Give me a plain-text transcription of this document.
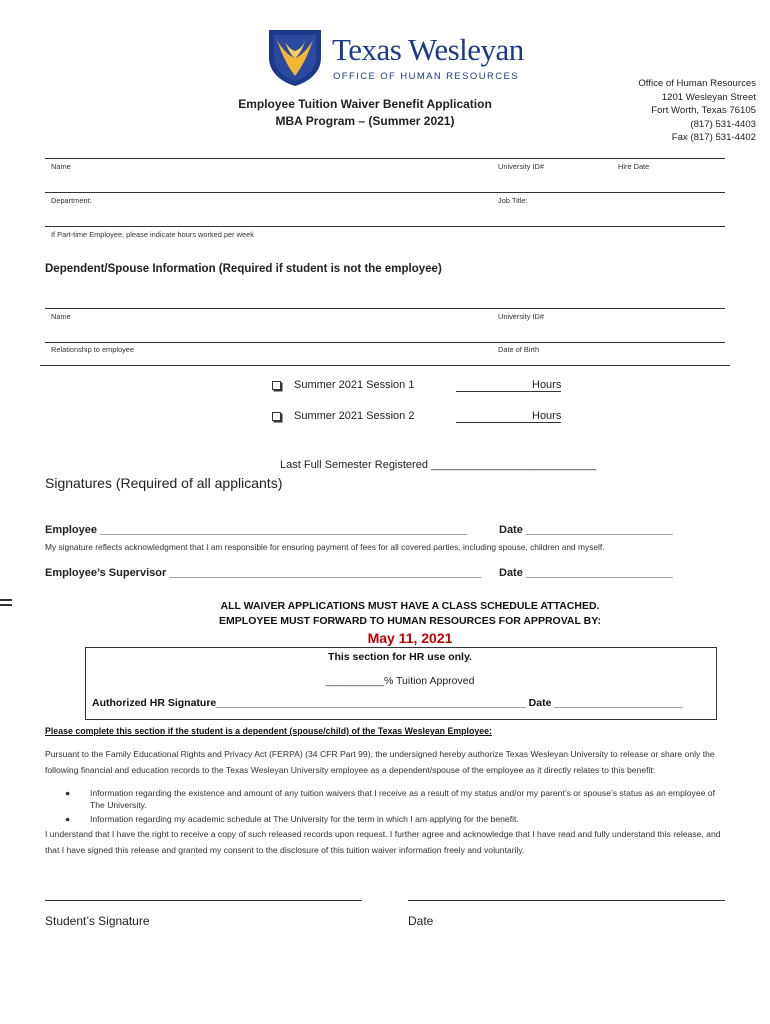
Texas Wesleyan
OFFICE OF HUMAN RESOURCES
Office of Human Resources
1201 Wesleyan Street
Fort Worth, Texas 76105
(817) 531-4403
Fax (817) 531-4402
Employee Tuition Waiver Benefit Application
MBA Program – (Summer 2021)
Name	University ID#	Hire Date
Department:	Job Title:
If Part-time Employee, please indicate hours worked per week
Dependent/Spouse Information (Required if student is not the employee)
Name	University ID#
Relationship to employee	Date of Birth
Summer 2021 Session 1	Hours
Summer 2021 Session 2	Hours
Last Full Semester Registered ___________________________
Signatures (Required of all applicants)
Employee ____________________________________________________________	Date ________________________
My signature reflects acknowledgment that I am responsible for ensuring payment of fees for all covered parties, including spouse, children and myself.
Employee’s Supervisor ___________________________________________________ Date ________________________
ALL WAIVER APPLICATIONS MUST HAVE A CLASS SCHEDULE ATTACHED.
EMPLOYEE MUST FORWARD TO HUMAN RESOURCES FOR APPROVAL BY:
May 11, 2021
This section for HR use only.
__________% Tuition Approved
Authorized HR Signature_____________________________________________________ Date ______________________
Please complete this section if the student is a dependent (spouse/child) of the Texas Wesleyan Employee:
Pursuant to the Family Educational Rights and Privacy Act (FERPA) (34 CFR Part 99), the undersigned hereby authorize Texas Wesleyan University to release or share only the following financial and education records to the Texas Wesleyan University employee as a dependent/spouse of the employee as it directly relates to this benefit:
● Information regarding the existence and amount of any tuition waivers that I receive as a result of my status and/or my parent’s or spouse’s status as an employee of The University.
● Information regarding my academic schedule at The University for the term in which I am applying for the benefit.
I understand that I have the right to receive a copy of such released records upon request. I further agree and acknowledge that I have read and fully understand this release, and that I have signed this release and granted my consent to the disclosure of this tuition waiver information freely and voluntarily.
Student’s Signature	Date
